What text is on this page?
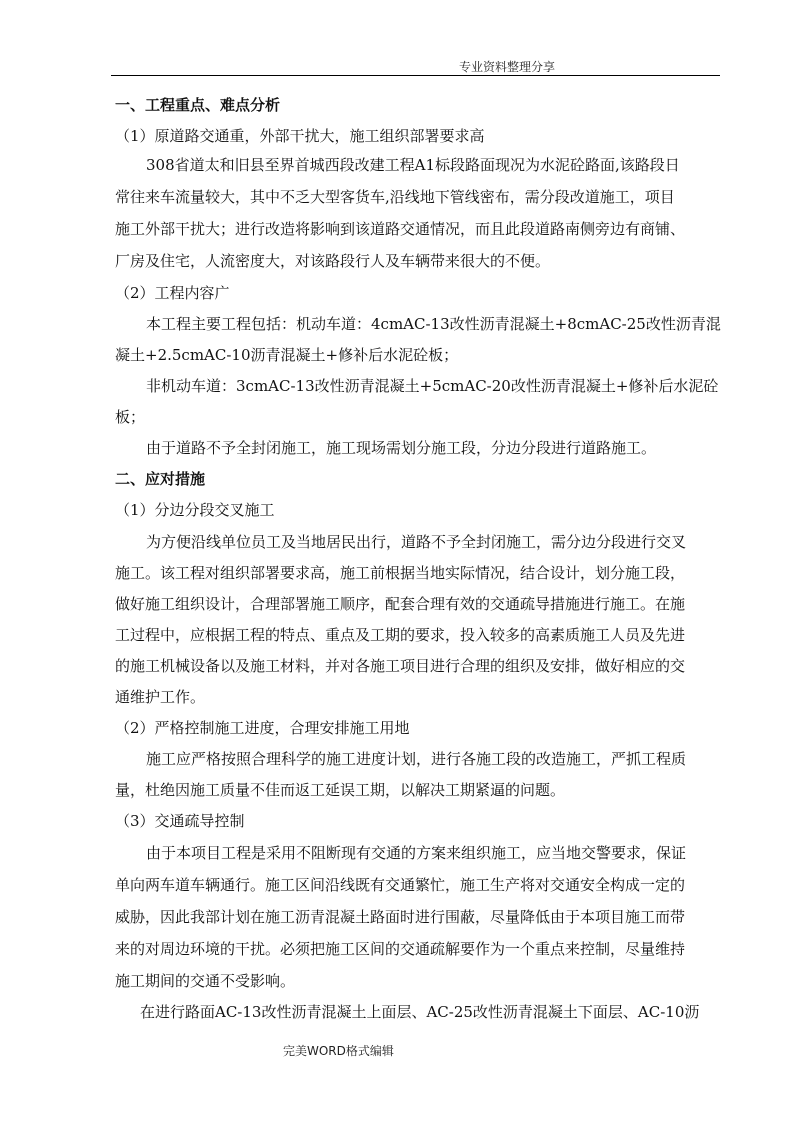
专业资料整理分享
一、工程重点、难点分析
（1）原道路交通重，外部干扰大，施工组织部署要求高
308省道太和旧县至界首城西段改建工程A1标段路面现况为水泥砼路面,该路段日
常往来车流量较大，其中不乏大型客货车,沿线地下管线密布，需分段改道施工，项目
施工外部干扰大；进行改造将影响到该道路交通情况，而且此段道路南侧旁边有商铺、
厂房及住宅，人流密度大，对该路段行人及车辆带来很大的不便。
（2）工程内容广
本工程主要工程包括：机动车道：4cmAC-13改性沥青混凝土+8cmAC-25改性沥青混
凝土+2.5cmAC-10沥青混凝土+修补后水泥砼板；
非机动车道：3cmAC-13改性沥青混凝土+5cmAC-20改性沥青混凝土+修补后水泥砼
板；
由于道路不予全封闭施工，施工现场需划分施工段，分边分段进行道路施工。
二、应对措施
（1）分边分段交叉施工
为方便沿线单位员工及当地居民出行，道路不予全封闭施工，需分边分段进行交叉
施工。该工程对组织部署要求高，施工前根据当地实际情况，结合设计，划分施工段，
做好施工组织设计，合理部署施工顺序，配套合理有效的交通疏导措施进行施工。在施
工过程中，应根据工程的特点、重点及工期的要求，投入较多的高素质施工人员及先进
的施工机械设备以及施工材料，并对各施工项目进行合理的组织及安排，做好相应的交
通维护工作。
（2）严格控制施工进度，合理安排施工用地
施工应严格按照合理科学的施工进度计划，进行各施工段的改造施工，严抓工程质
量，杜绝因施工质量不佳而返工延误工期，以解决工期紧逼的问题。
（3）交通疏导控制
由于本项目工程是采用不阻断现有交通的方案来组织施工，应当地交警要求，保证
单向两车道车辆通行。施工区间沿线既有交通繁忙，施工生产将对交通安全构成一定的
威胁，因此我部计划在施工沥青混凝土路面时进行围蔽，尽量降低由于本项目施工而带
来的对周边环境的干扰。必须把施工区间的交通疏解要作为一个重点来控制，尽量维持
施工期间的交通不受影响。
在进行路面AC-13改性沥青混凝土上面层、AC-25改性沥青混凝土下面层、AC-10沥
完美WORD格式编辑
